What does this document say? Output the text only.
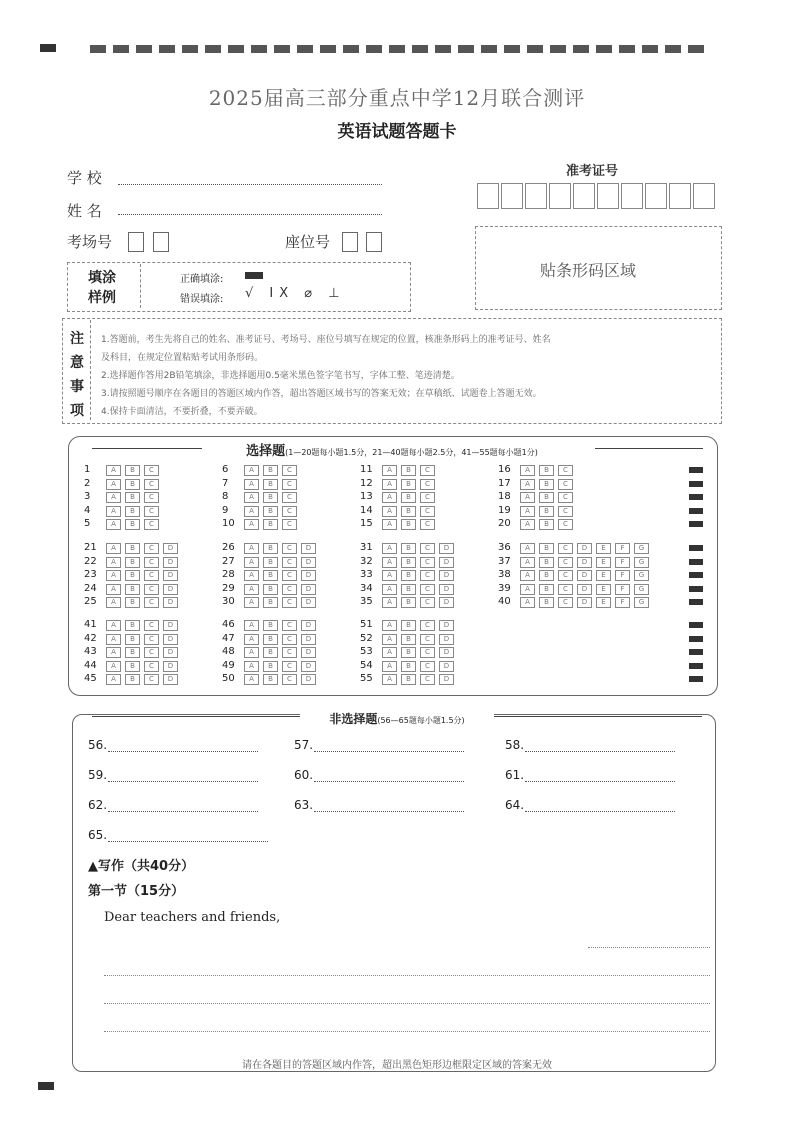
2025届高三部分重点中学12月联合测评
英语试题答题卡
学 校
姓 名
考场号	座位号
准考证号
贴条形码区域
填涂
样例
正确填涂:
错误填涂: √ IX ⌀ ⊥
注
意
事
项
1.答题前，考生先将自己的姓名、准考证号、考场号、座位号填写在规定的位置，核准条形码上的准考证号、姓名
及科目，在规定位置粘贴考试用条形码。
2.选择题作答用2B铅笔填涂，非选择题用0.5毫米黑色签字笔书写，字体工整、笔迹清楚。
3.请按照题号顺序在各题目的答题区域内作答，超出答题区域书写的答案无效；在草稿纸、试题卷上答题无效。
4.保持卡面清洁，不要折叠，不要弄破。
选择题(1—20题每小题1.5分，21—40题每小题2.5分，41—55题每小题1分)
1	A	B	C
2	A	B	C
3	A	B	C
4	A	B	C
5	A	B	C
6	A	B	C
7	A	B	C
8	A	B	C
9	A	B	C
10	A	B	C
11	A	B	C
12	A	B	C
13	A	B	C
14	A	B	C
15	A	B	C
16	A	B	C
17	A	B	C
18	A	B	C
19	A	B	C
20	A	B	C
21	A	B	C	D
22	A	B	C	D
23	A	B	C	D
24	A	B	C	D
25	A	B	C	D
26	A	B	C	D
27	A	B	C	D
28	A	B	C	D
29	A	B	C	D
30	A	B	C	D
31	A	B	C	D
32	A	B	C	D
33	A	B	C	D
34	A	B	C	D
35	A	B	C	D
36	A	B	C	D	E	F	G
37	A	B	C	D	E	F	G
38	A	B	C	D	E	F	G
39	A	B	C	D	E	F	G
40	A	B	C	D	E	F	G
41	A	B	C	D
42	A	B	C	D
43	A	B	C	D
44	A	B	C	D
45	A	B	C	D
46	A	B	C	D
47	A	B	C	D
48	A	B	C	D
49	A	B	C	D
50	A	B	C	D
51	A	B	C	D
52	A	B	C	D
53	A	B	C	D
54	A	B	C	D
55	A	B	C	D
非选择题(56—65题每小题1.5分)
56.	57.	58.
59.	60.	61.
62.	63.	64.
65.
▲写作（共40分）
第一节（15分）
Dear teachers and friends,
请在各题目的答题区域内作答，超出黑色矩形边框限定区域的答案无效
